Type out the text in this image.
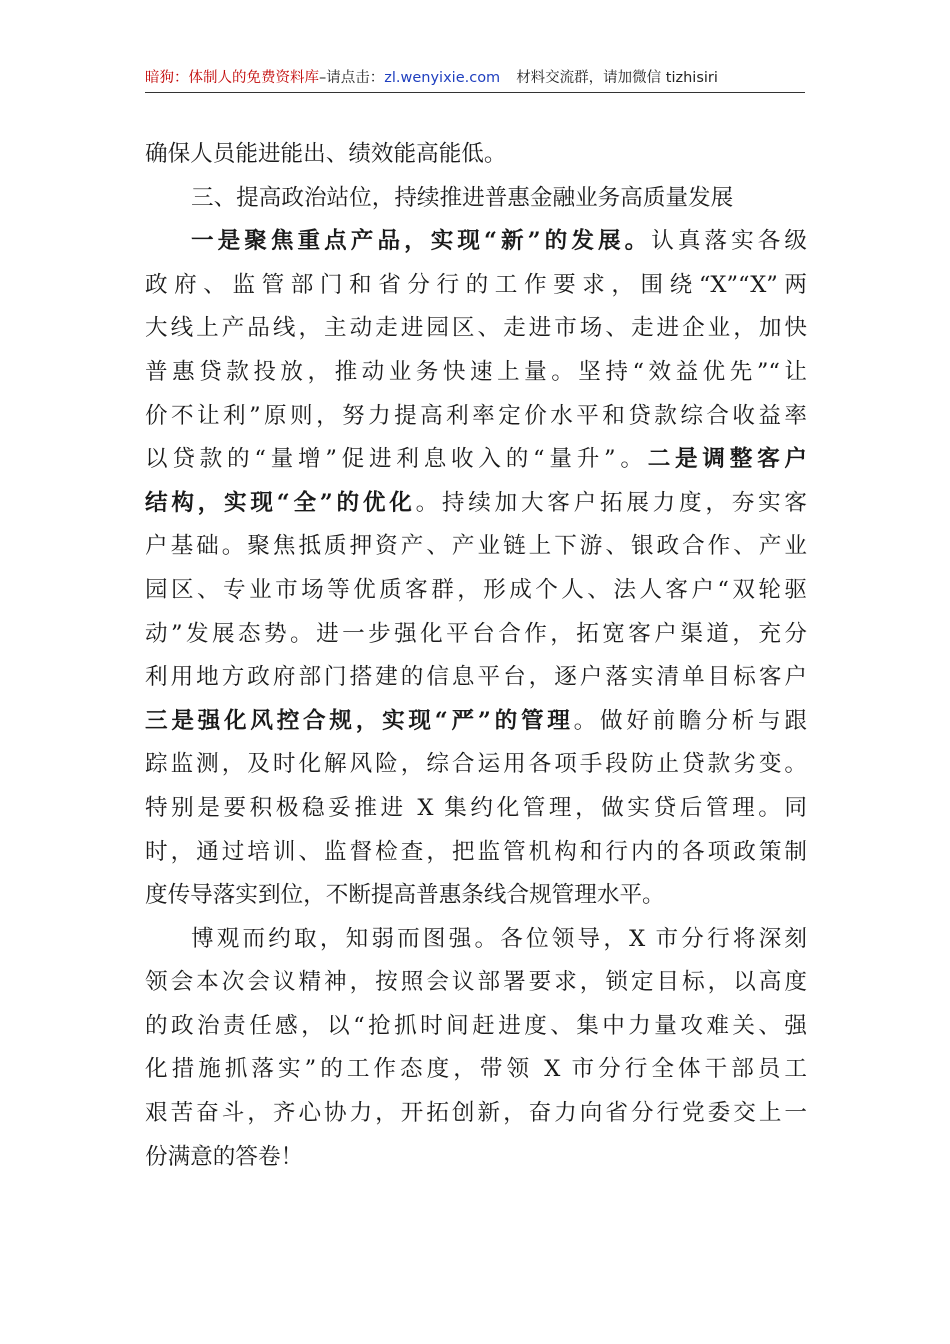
暗狗：体制人的免费资料库–请点击：zl.wenyixie.com 材料交流群，请加微信 tizhisiri
确保人员能进能出、绩效能高能低。
三、提高政治站位，持续推进普惠金融业务高质量发展
一是聚焦重点产品，实现“新”的发展。认真落实各级
政府、监管部门和省分行的工作要求，围绕“X”“X”两
大线上产品线，主动走进园区、走进市场、走进企业，加快
普惠贷款投放，推动业务快速上量。坚持“效益优先”“让
价不让利”原则，努力提高利率定价水平和贷款综合收益率
以贷款的“量增”促进利息收入的“量升”。二是调整客户
结构，实现“全”的优化。持续加大客户拓展力度，夯实客
户基础。聚焦抵质押资产、产业链上下游、银政合作、产业
园区、专业市场等优质客群，形成个人、法人客户“双轮驱
动”发展态势。进一步强化平台合作，拓宽客户渠道，充分
利用地方政府部门搭建的信息平台，逐户落实清单目标客户
三是强化风控合规，实现“严”的管理。做好前瞻分析与跟
踪监测，及时化解风险，综合运用各项手段防止贷款劣变。
特别是要积极稳妥推进 X 集约化管理，做实贷后管理。同
时，通过培训、监督检查，把监管机构和行内的各项政策制
度传导落实到位，不断提高普惠条线合规管理水平。
博观而约取，知弱而图强。各位领导，X 市分行将深刻
领会本次会议精神，按照会议部署要求，锁定目标，以高度
的政治责任感，以“抢抓时间赶进度、集中力量攻难关、强
化措施抓落实”的工作态度，带领 X 市分行全体干部员工
艰苦奋斗，齐心协力，开拓创新，奋力向省分行党委交上一
份满意的答卷！
